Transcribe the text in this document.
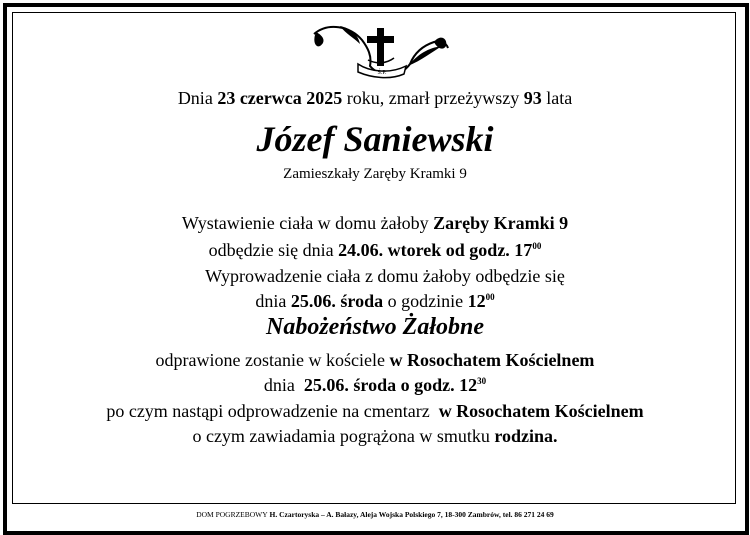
Ś.P.
Dnia 23 czerwca 2025 roku, zmarł przeżywszy 93 lata
Józef Saniewski
Zamieszkały Zaręby Kramki 9
Wystawienie ciała w domu żałoby Zaręby Kramki 9
odbędzie się dnia 24.06. wtorek od godz. $17^{00}$
Wyprowadzenie ciała z domu żałoby odbędzie się
dnia 25.06. środa o godzinie $12^{00}$
Nabożeństwo Żałobne
odprawione zostanie w kościele w Rosochatem Kościelnem
dnia  25.06. środa o godz. $12^{30}$
po czym nastąpi odprowadzenie na cmentarz  w Rosochatem Kościelnem
o czym zawiadamia pogrążona w smutku rodzina.
DOM POGRZEBOWY H. Czartoryska – A. Bałazy, Aleja Wojska Polskiego 7, 18-300 Zambrów, tel. 86 271 24 69
